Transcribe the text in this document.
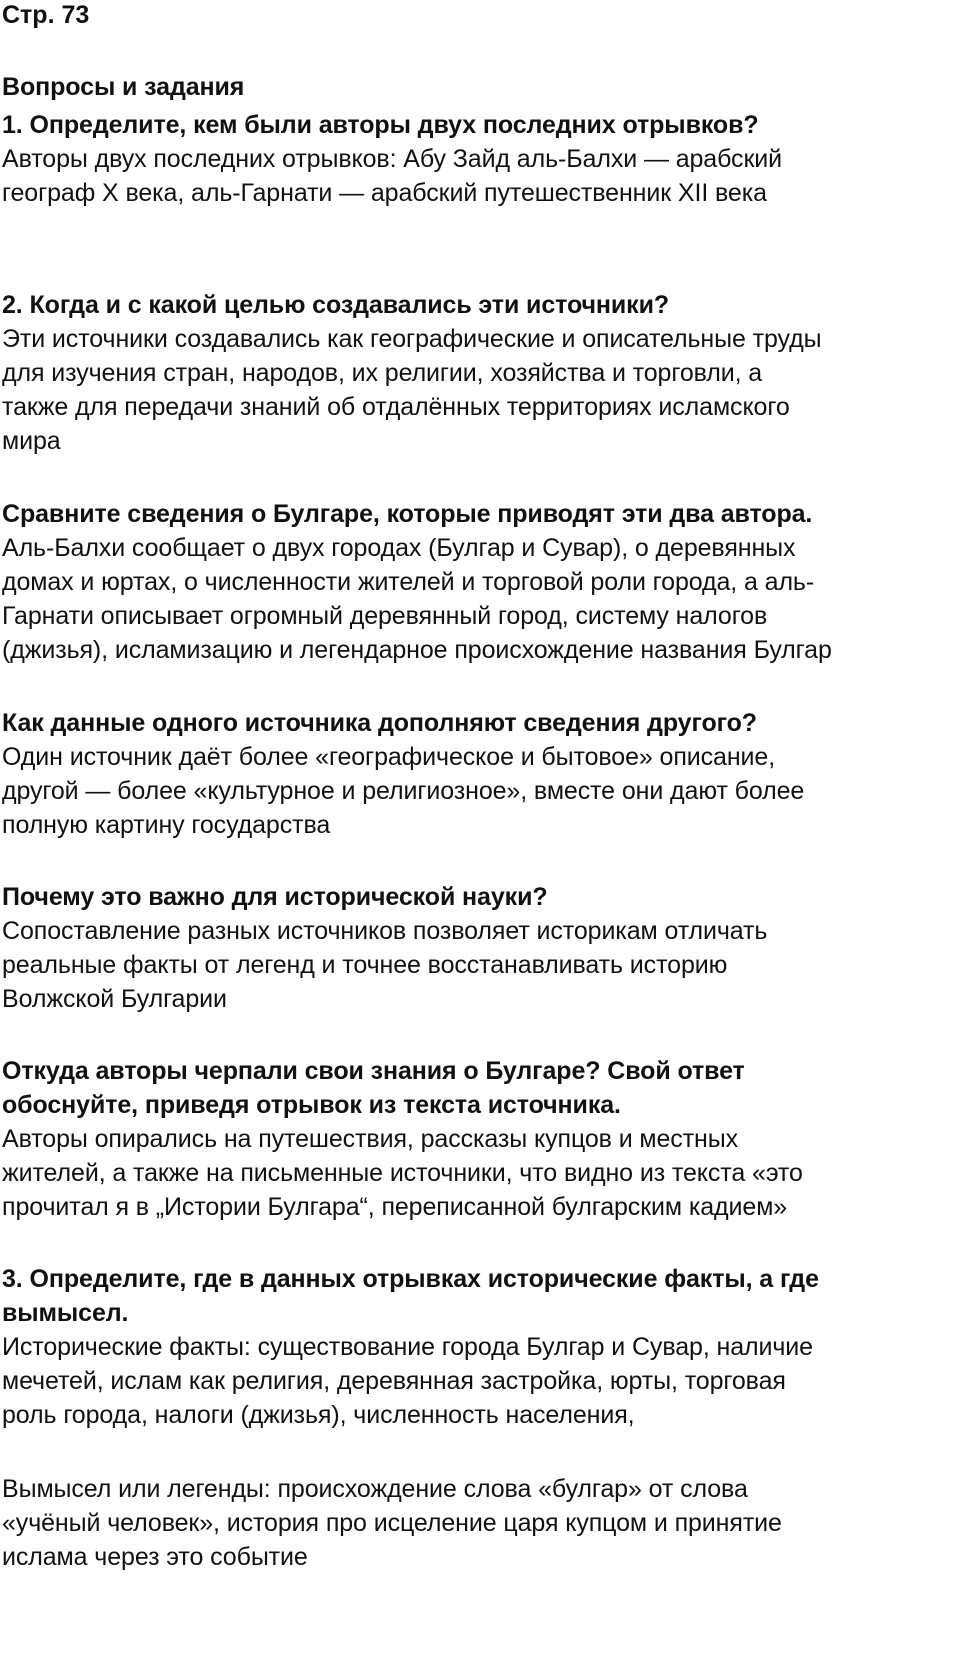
Стр. 73

Вопросы и задания

1. Определите, кем были авторы двух последних отрывков?

Авторы двух последних отрывков: Абу Зайд аль-Балхи — арабский

географ X века, аль-Гарнати — арабский путешественник XII века

2. Когда и с какой целью создавались эти источники?

Эти источники создавались как географические и описательные труды

для изучения стран, народов, их религии, хозяйства и торговли, а

также для передачи знаний об отдалённых территориях исламского

мира

Сравните сведения о Булгаре, которые приводят эти два автора.

Аль-Балхи сообщает о двух городах (Булгар и Сувар), о деревянных

домах и юртах, о численности жителей и торговой роли города, а аль-

Гарнати описывает огромный деревянный город, систему налогов

(джизья), исламизацию и легендарное происхождение названия Булгар

Как данные одного источника дополняют сведения другого?

Один источник даёт более «географическое и бытовое» описание,

другой — более «культурное и религиозное», вместе они дают более

полную картину государства

Почему это важно для исторической науки?

Сопоставление разных источников позволяет историкам отличать

реальные факты от легенд и точнее восстанавливать историю

Волжской Булгарии

Откуда авторы черпали свои знания о Булгаре? Свой ответ

обоснуйте, приведя отрывок из текста источника.

Авторы опирались на путешествия, рассказы купцов и местных

жителей, а также на письменные источники, что видно из текста «это

прочитал я в „Истории Булгара“, переписанной булгарским кадием»

3. Определите, где в данных отрывках исторические факты, а где

вымысел.

Исторические факты: существование города Булгар и Сувар, наличие

мечетей, ислам как религия, деревянная застройка, юрты, торговая

роль города, налоги (джизья), численность населения,

Вымысел или легенды: происхождение слова «булгар» от слова

«учёный человек», история про исцеление царя купцом и принятие

ислама через это событие
